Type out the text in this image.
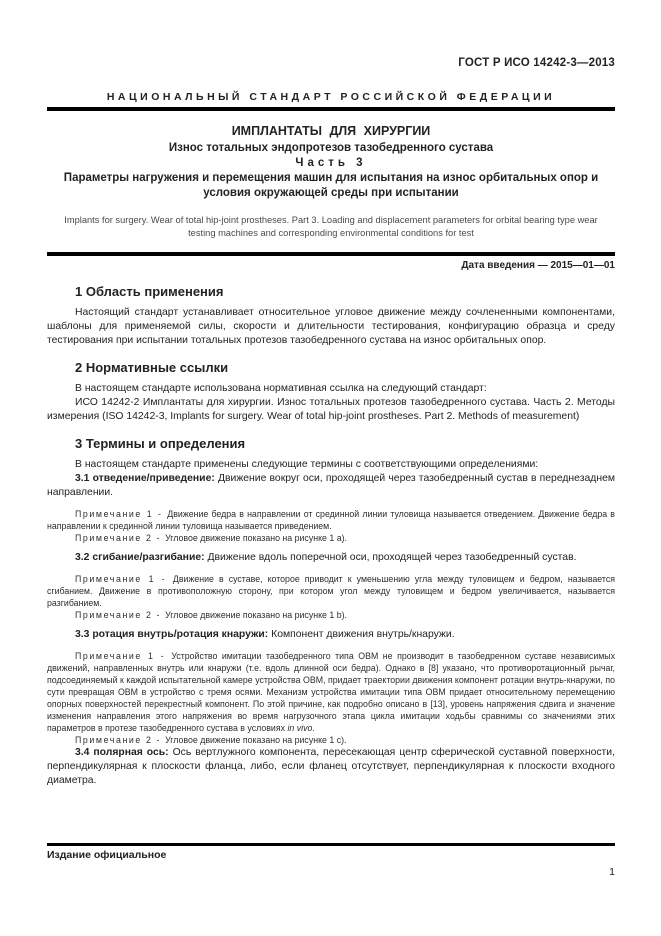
ГОСТ Р ИСО 14242-3—2013
НАЦИОНАЛЬНЫЙ СТАНДАРТ РОССИЙСКОЙ ФЕДЕРАЦИИ
ИМПЛАНТАТЫ ДЛЯ ХИРУРГИИ
Износ тотальных эндопротезов тазобедренного сустава
Часть 3
Параметры нагружения и перемещения машин для испытания на износ орбитальных опор и условия окружающей среды при испытании
Implants for surgery. Wear of total hip-joint prostheses. Part 3. Loading and displacement parameters for orbital bearing type wear testing machines and corresponding environmental conditions for test
Дата введения — 2015—01—01
1 Область применения

Настоящий стандарт устанавливает относительное угловое движение между сочлененными компонентами, шаблоны для применяемой силы, скорости и длительности тестирования, конфигурацию образца и среду тестирования при испытании тотальных протезов тазобедренного сустава на износ орбитальных опор.

2 Нормативные ссылки

В настоящем стандарте использована нормативная ссылка на следующий стандарт:

ИСО 14242-2 Имплантаты для хирургии. Износ тотальных протезов тазобедренного сустава. Часть 2. Методы измерения (ISO 14242-3, Implants for surgery. Wear of total hip-joint prostheses. Part 2. Methods of measurement)

3 Термины и определения

В настоящем стандарте применены следующие термины с соответствующими определениями:

3.1 отведение/приведение: Движение вокруг оси, проходящей через тазобедренный сустав в переднезаднем направлении.

Примечание 1 - Движение бедра в направлении от срединной линии туловища называется отведением. Движение бедра в направлении к срединной линии туловища называется приведением.

Примечание 2 - Угловое движение показано на рисунке 1 а).

3.2 сгибание/разгибание: Движение вдоль поперечной оси, проходящей через тазобедренный сустав.

Примечание 1 - Движение в суставе, которое приводит к уменьшению угла между туловищем и бедром, называется сгибанием. Движение в противоположную сторону, при котором угол между туловищем и бедром увеличивается, называется разгибанием.

Примечание 2 - Угловое движение показано на рисунке 1 b).

3.3 ротация внутрь/ротация кнаружи: Компонент движения внутрь/кнаружи.

Примечание 1 - Устройство имитации тазобедренного типа ОВМ не производит в тазобедренном суставе независимых движений, направленных внутрь или кнаружи (т.е. вдоль длинной оси бедра). Однако в [8] указано, что противоротационный рычаг, подсоединяемый к каждой испытательной камере устройства ОВМ, придает траектории движения компонент ротации внутрь-кнаружи, по сути превращая ОВМ в устройство с тремя осями. Механизм устройства имитации типа ОВМ придает относительному перемещению опорных поверхностей перекрестный компонент. По этой причине, как подробно описано в [13], уровень напряжения сдвига и значение изменения направления этого напряжения во время нагрузочного этапа цикла имитации ходьбы сравнимы со значениями этих параметров в протезе тазобедренного сустава в условиях in vivo.

Примечание 2 - Угловое движение показано на рисунке 1 c).

3.4 полярная ось: Ось вертлужного компонента, пересекающая центр сферической суставной поверхности, перпендикулярная к плоскости фланца, либо, если фланец отсутствует, перпендикулярная к плоскости входного диаметра.

Издание официальное
1
